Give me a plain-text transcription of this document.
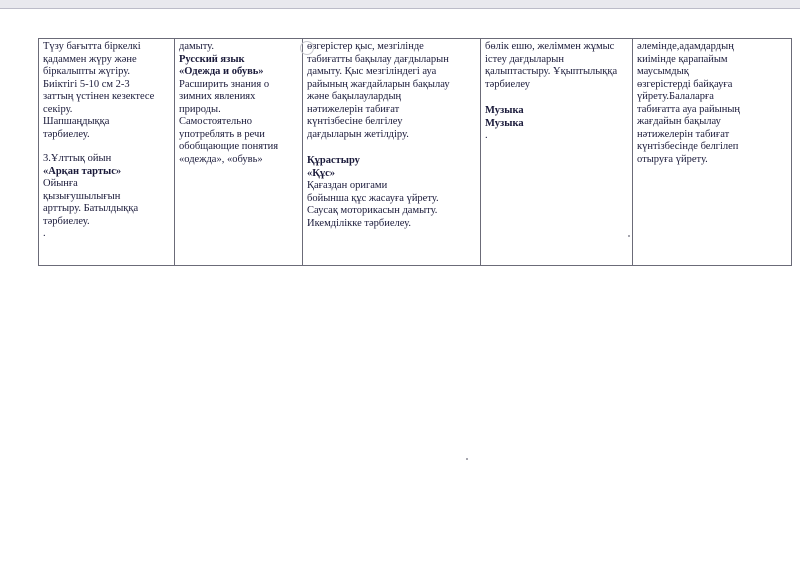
Түзу бағытта біркелкі
қадаммен жүру және
біркалыпты жүгіру.
Биіктігі 5-10 см 2-3
заттың үстінен кезектесе
секіру.
Шапшаңдыққа
тәрбиелеу.
3.Ұлттық ойын
«Арқан тартыс»
Ойынға
қызығушылығын
арттыру. Батылдыққа
тәрбиелеу.
.

дамыту.
Русский язык
«Одежда и обувь»
Расширить знания о
зимних явлениях
природы.
Самостоятельно
употреблять в речи
обобщающие понятия
«одежда», «обувь»

өзгерістер қыс, мезгілінде
табиғатты бақылау дағдыларын
дамыту. Қыс мезгіліндегі ауа
райының жағдайларын бақылау
және бақылаулардың
нәтижелерін табиғат
күнтізбесіне белгілеу
дағдыларын жетілдіру.
Құрастыру
«Құс»
Қағаздан оригами
бойынша құс жасауға үйрету.
Саусақ моторикасын дамыту.
Икемділікке тәрбиелеу.

бөлік ешю, желіммен жұмыс
істеу дағдыларын
қалыптастыру. Ұқыптылыққа
тәрбиелеу
Музыка
Музыка
.

әлемінде,адамдардың
киімінде қарапайым
маусымдық
өзгерістерді байқауға
үйрету.Балаларға
табиғатта ауа райының
жағдайын бақылау
нәтижелерін табиғат
күнтізбесінде белгілеп
отыруға үйрету.
